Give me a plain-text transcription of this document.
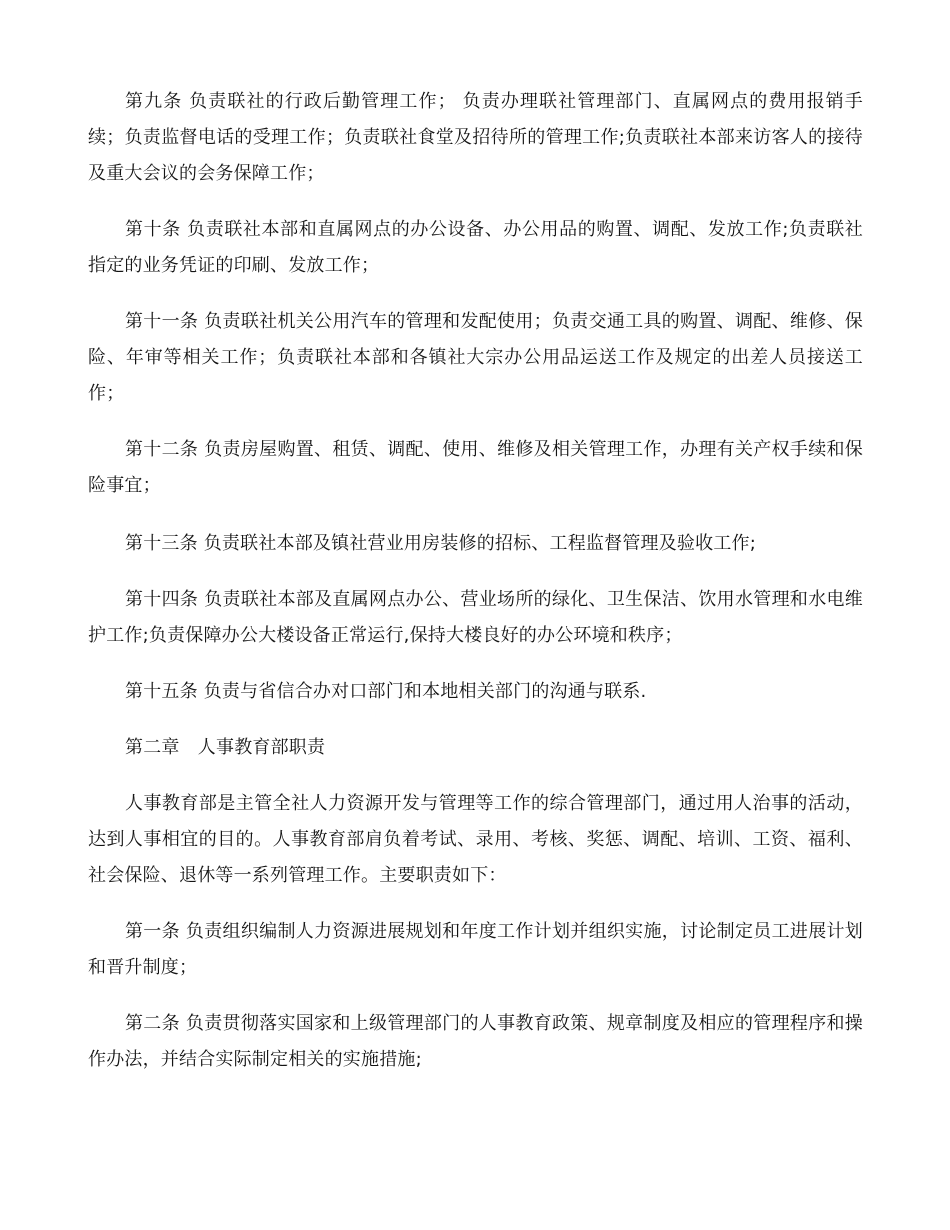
第九条 负责联社的行政后勤管理工作； 负责办理联社管理部门、直属网点的费用报销手续；负责监督电话的受理工作；负责联社食堂及招待所的管理工作;负责联社本部来访客人的接待及重大会议的会务保障工作；

第十条 负责联社本部和直属网点的办公设备、办公用品的购置、调配、发放工作;负责联社指定的业务凭证的印刷、发放工作；

第十一条 负责联社机关公用汽车的管理和发配使用；负责交通工具的购置、调配、维修、保险、年审等相关工作；负责联社本部和各镇社大宗办公用品运送工作及规定的出差人员接送工作；

第十二条 负责房屋购置、租赁、调配、使用、维修及相关管理工作，办理有关产权手续和保险事宜；

第十三条 负责联社本部及镇社营业用房装修的招标、工程监督管理及验收工作;

第十四条 负责联社本部及直属网点办公、营业场所的绿化、卫生保洁、饮用水管理和水电维护工作;负责保障办公大楼设备正常运行,保持大楼良好的办公环境和秩序；

第十五条 负责与省信合办对口部门和本地相关部门的沟通与联系.

第二章　人事教育部职责

人事教育部是主管全社人力资源开发与管理等工作的综合管理部门，通过用人治事的活动，达到人事相宜的目的。人事教育部肩负着考试、录用、考核、奖惩、调配、培训、工资、福利、社会保险、退休等一系列管理工作。主要职责如下：

第一条 负责组织编制人力资源进展规划和年度工作计划并组织实施，讨论制定员工进展计划和晋升制度；

第二条 负责贯彻落实国家和上级管理部门的人事教育政策、规章制度及相应的管理程序和操作办法，并结合实际制定相关的实施措施;
